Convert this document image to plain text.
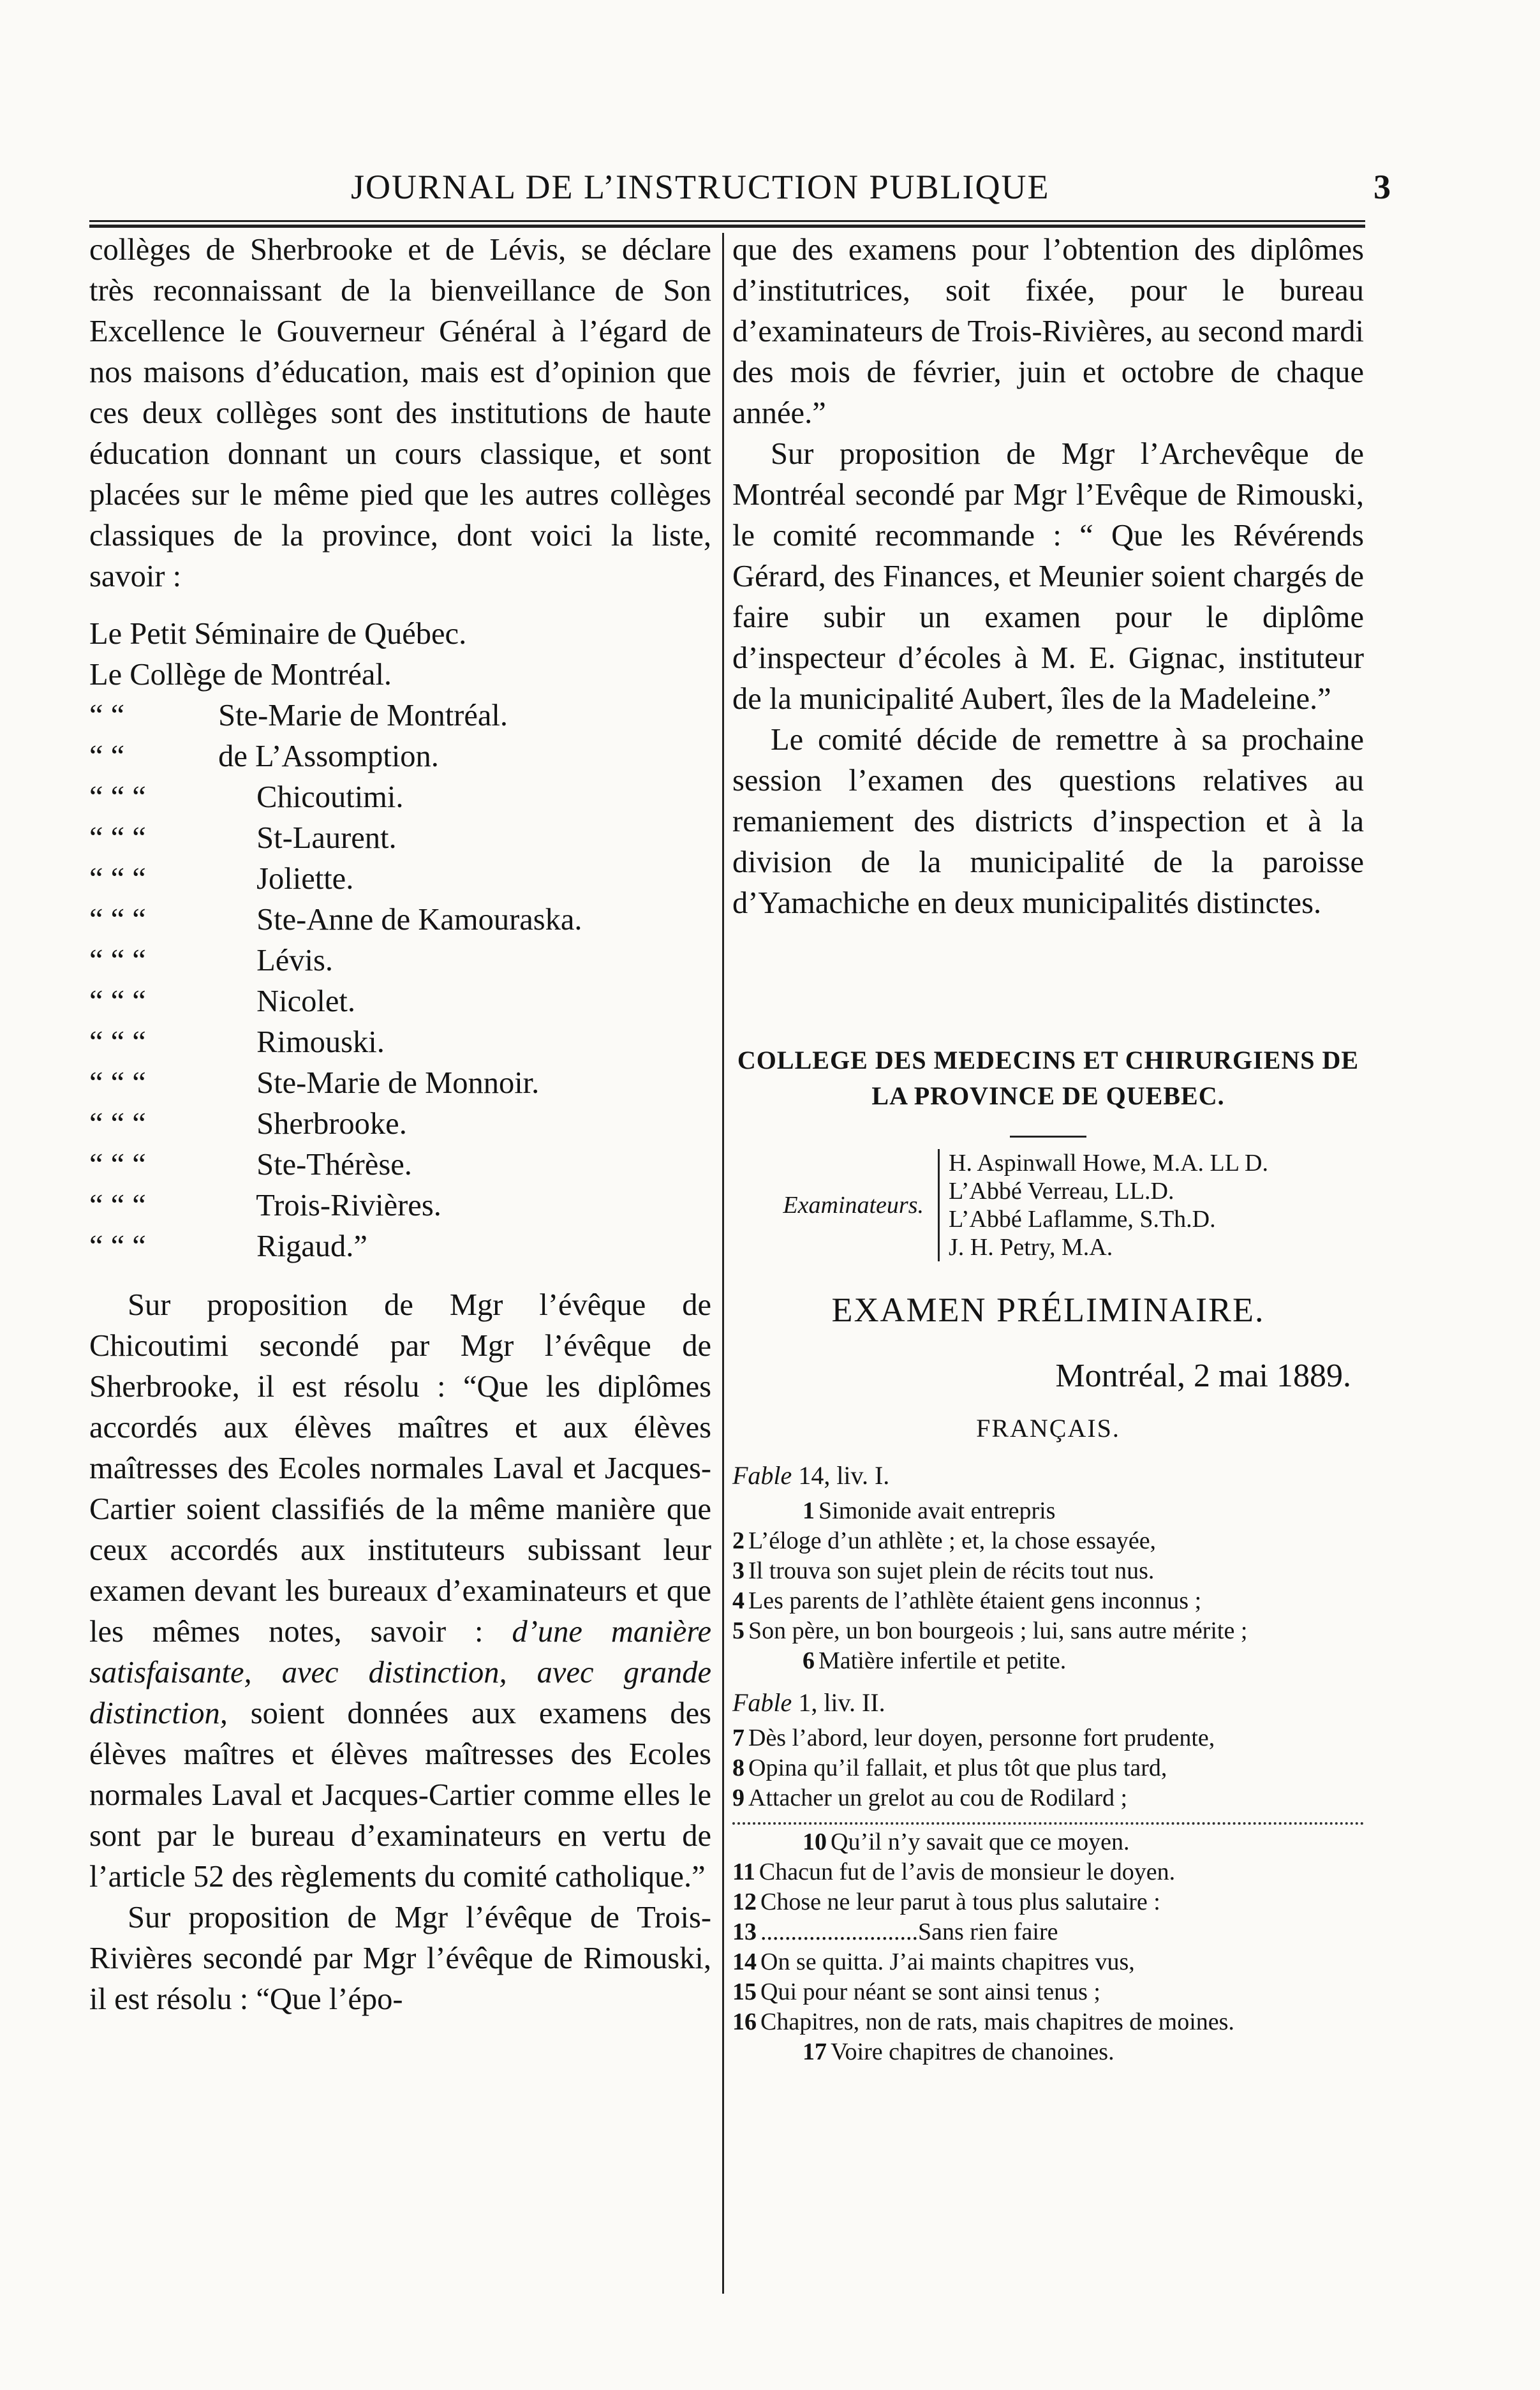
JOURNAL DE L’INSTRUCTION PUBLIQUE	3

collèges de Sherbrooke et de Lévis, se déclare très reconnaissant de la bienveillance de Son Excellence le Gouverneur Général à l’égard de nos maisons d’éducation, mais est d’opinion que ces deux collèges sont des institutions de haute éducation donnant un cours classique, et sont placées sur le même pied que les autres collèges classiques de la province, dont voici la liste, savoir :

Le Petit Séminaire de Québec.
Le Collège de Montréal.
“ “	Ste-Marie de Montréal.
“ “	de L’Assomption.
“ “ “	Chicoutimi.
“ “ “	St-Laurent.
“ “ “	Joliette.
“ “ “	Ste-Anne de Kamouraska.
“ “ “	Lévis.
“ “ “	Nicolet.
“ “ “	Rimouski.
“ “ “	Ste-Marie de Monnoir.
“ “ “	Sherbrooke.
“ “ “	Ste-Thérèse.
“ “ “	Trois-Rivières.
“ “ “	Rigaud.”

Sur proposition de Mgr l’évêque de Chicoutimi secondé par Mgr l’évêque de Sherbrooke, il est résolu : “Que les diplômes accordés aux élèves maîtres et aux élèves maîtresses des Ecoles normales Laval et Jacques-Cartier soient classifiés de la même manière que ceux accordés aux instituteurs subissant leur examen devant les bureaux d’examinateurs et que les mêmes notes, savoir : d’une manière satisfaisante, avec distinction, avec grande distinction, soient données aux examens des élèves maîtres et élèves maîtresses des Ecoles normales Laval et Jacques-Cartier comme elles le sont par le bureau d’examinateurs en vertu de l’article 52 des règlements du comité catholique.”

Sur proposition de Mgr l’évêque de Trois-Rivières secondé par Mgr l’évêque de Rimouski, il est résolu : “Que l’épo-

que des examens pour l’obtention des diplômes d’institutrices, soit fixée, pour le bureau d’examinateurs de Trois-Rivières, au second mardi des mois de février, juin et octobre de chaque année.”

Sur proposition de Mgr l’Archevêque de Montréal secondé par Mgr l’Evêque de Rimouski, le comité recommande : “ Que les Révérends Gérard, des Finances, et Meunier soient chargés de faire subir un examen pour le diplôme d’inspecteur d’écoles à M. E. Gignac, instituteur de la municipalité Aubert, îles de la Madeleine.”

Le comité décide de remettre à sa prochaine session l’examen des questions relatives au remaniement des districts d’inspection et à la division de la municipalité de la paroisse d’Yamachiche en deux municipalités distinctes.

COLLEGE DES MEDECINS ET CHIRURGIENS DE
LA PROVINCE DE QUEBEC.
Examinateurs.
H. Aspinwall Howe, M.A. LL D.
L’Abbé Verreau, LL.D.
L’Abbé Laflamme, S.Th.D.
J. H. Petry, M.A.
EXAMEN PRÉLIMINAIRE.
Montréal, 2 mai 1889.
FRANÇAIS.
Fable 14, liv. I.
1 Simonide avait entrepris
2 L’éloge d’un athlète ; et, la chose essayée,
3 Il trouva son sujet plein de récits tout nus.
4 Les parents de l’athlète étaient gens inconnus ;
5 Son père, un bon bourgeois ; lui, sans autre mérite ;
6 Matière infertile et petite.
Fable 1, liv. II.
7 Dès l’abord, leur doyen, personne fort prudente,
8 Opina qu’il fallait, et plus tôt que plus tard,
9 Attacher un grelot au cou de Rodilard ;
10 Qu’il n’y savait que ce moyen.
11 Chacun fut de l’avis de monsieur le doyen.
12 Chose ne leur parut à tous plus salutaire :
13 ..........................Sans rien faire
14 On se quitta. J’ai maints chapitres vus,
15 Qui pour néant se sont ainsi tenus ;
16 Chapitres, non de rats, mais chapitres de moines.
17 Voire chapitres de chanoines.
